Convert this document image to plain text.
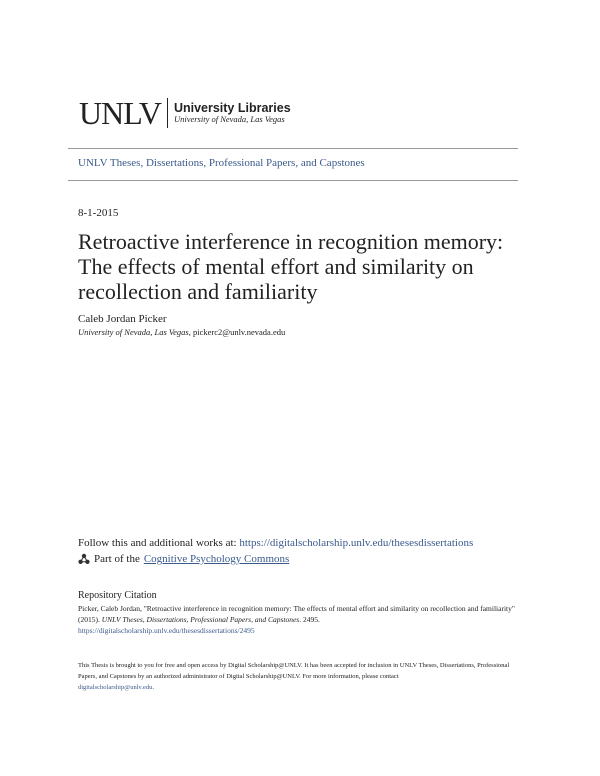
UNLV University Libraries
University of Nevada, Las Vegas
UNLV Theses, Dissertations, Professional Papers, and Capstones
8-1-2015
Retroactive interference in recognition memory: The effects of mental effort and similarity on recollection and familiarity
Caleb Jordan Picker
University of Nevada, Las Vegas, pickerc2@unlv.nevada.edu
Follow this and additional works at: https://digitalscholarship.unlv.edu/thesesdissertations
Part of the Cognitive Psychology Commons
Repository Citation
Picker, Caleb Jordan, "Retroactive interference in recognition memory: The effects of mental effort and similarity on recollection and familiarity" (2015). UNLV Theses, Dissertations, Professional Papers, and Capstones. 2495.
https://digitalscholarship.unlv.edu/thesesdissertations/2495
This Thesis is brought to you for free and open access by Digital Scholarship@UNLV. It has been accepted for inclusion in UNLV Theses, Dissertations, Professional Papers, and Capstones by an authorized administrator of Digital Scholarship@UNLV. For more information, please contact
digitalscholarship@unlv.edu.
